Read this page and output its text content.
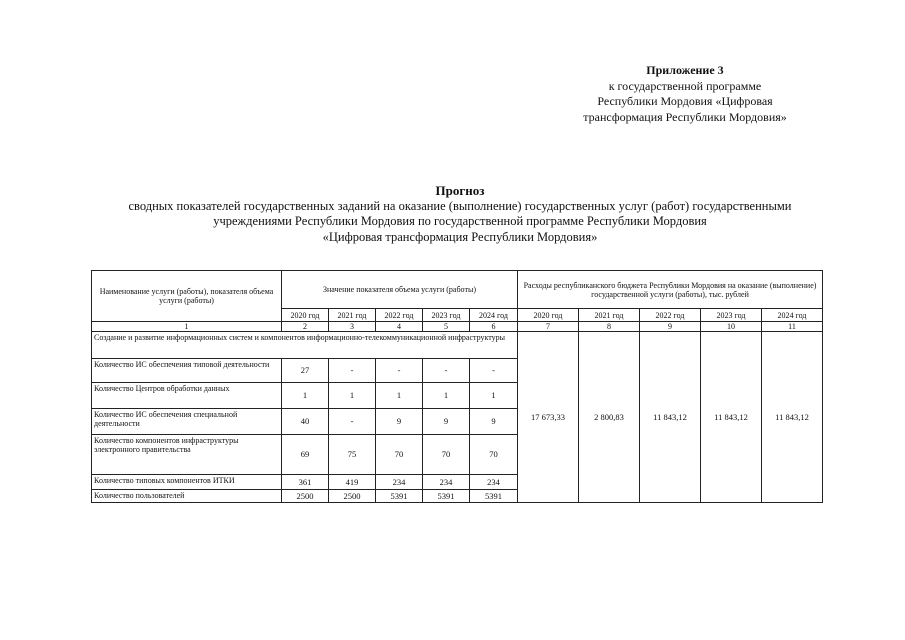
Приложение 3
к государственной программе
Республики Мордовия «Цифровая
трансформация Республики Мордовия»
Прогноз
сводных показателей государственных заданий на оказание (выполнение) государственных услуг (работ) государственными
учреждениями Республики Мордовия по государственной программе Республики Мордовия
«Цифровая трансформация Республики Мордовия»
Наименование услуги (работы), показателя объема услуги (работы)	Значение показателя объема услуги (работы)					Расходы республиканского бюджета Республики Мордовия на оказание (выполнение) государственной услуги (работы), тыс. рублей				
	2020 год	2021 год	2022 год	2023 год	2024 год	2020 год	2021 год	2022 год	2023 год	2024 год
1	2	3	4	5	6	7	8	9	10	11
Создание и развитие информационных систем и компонентов информационно-телекоммуникационной инфраструктуры						17 673,33	2 800,83	11 843,12	11 843,12	11 843,12
Количество ИС обеспечения типовой деятельности	27	-	-	-	-					
Количество Центров обработки данных	1	1	1	1	1					
Количество ИС обеспечения специальной деятельности	40	-	9	9	9					
Количество компонентов инфраструктуры электронного правительства	69	75	70	70	70					
Количество типовых компонентов ИТКИ	361	419	234	234	234					
Количество пользователей	2500	2500	5391	5391	5391					
